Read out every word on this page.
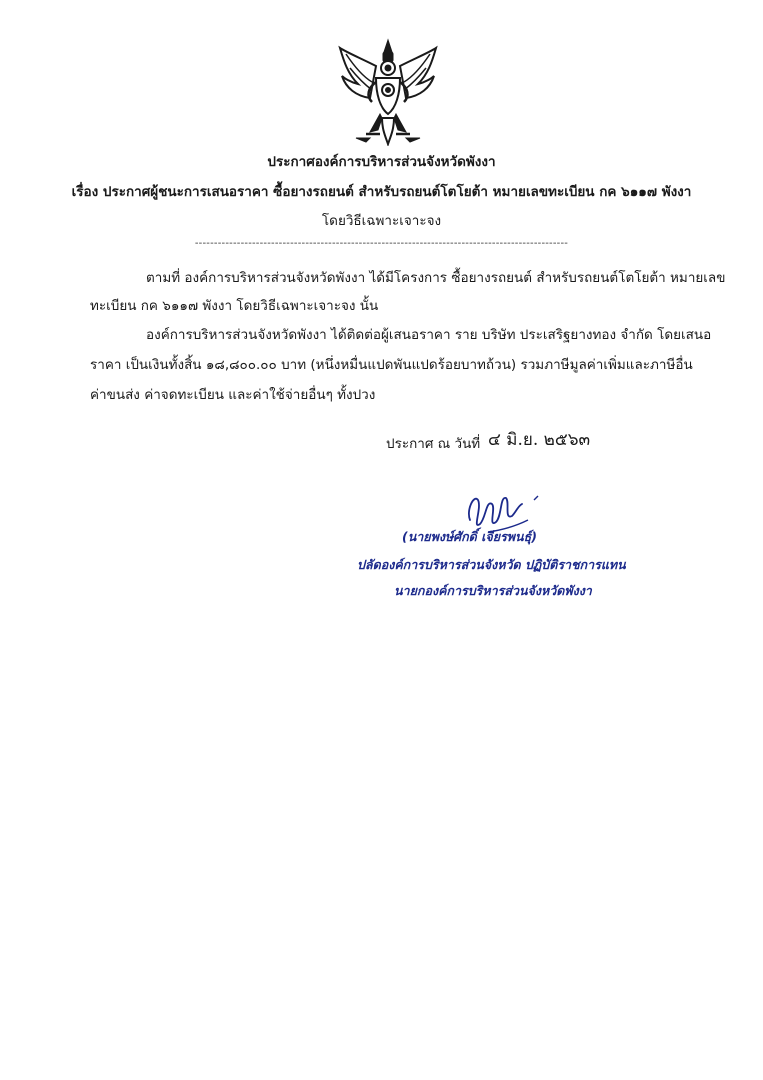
ประกาศองค์การบริหารส่วนจังหวัดพังงา
เรื่อง ประกาศผู้ชนะการเสนอราคา ซื้อยางรถยนต์ สำหรับรถยนต์โตโยต้า หมายเลขทะเบียน กค ๖๑๑๗ พังงา
โดยวิธีเฉพาะเจาะจง
--------------------------------------------------------------------------------------------------
ตามที่ องค์การบริหารส่วนจังหวัดพังงา ได้มีโครงการ ซื้อยางรถยนต์ สำหรับรถยนต์โตโยต้า หมายเลข
ทะเบียน กค ๖๑๑๗ พังงา โดยวิธีเฉพาะเจาะจง นั้น
องค์การบริหารส่วนจังหวัดพังงา ได้ติดต่อผู้เสนอราคา ราย บริษัท ประเสริฐยางทอง จำกัด โดยเสนอ
ราคา เป็นเงินทั้งสิ้น ๑๘,๘๐๐.๐๐ บาท (หนึ่งหมื่นแปดพันแปดร้อยบาทถ้วน) รวมภาษีมูลค่าเพิ่มและภาษีอื่น
ค่าขนส่ง ค่าจดทะเบียน และค่าใช้จ่ายอื่นๆ ทั้งปวง
ประกาศ ณ วันที่ ๔ มิ.ย. ๒๕๖๓
(นายพงษ์ศักดิ์ เจียรพนธุ์)
ปลัดองค์การบริหารส่วนจังหวัด ปฏิบัติราชการแทน
นายกองค์การบริหารส่วนจังหวัดพังงา
